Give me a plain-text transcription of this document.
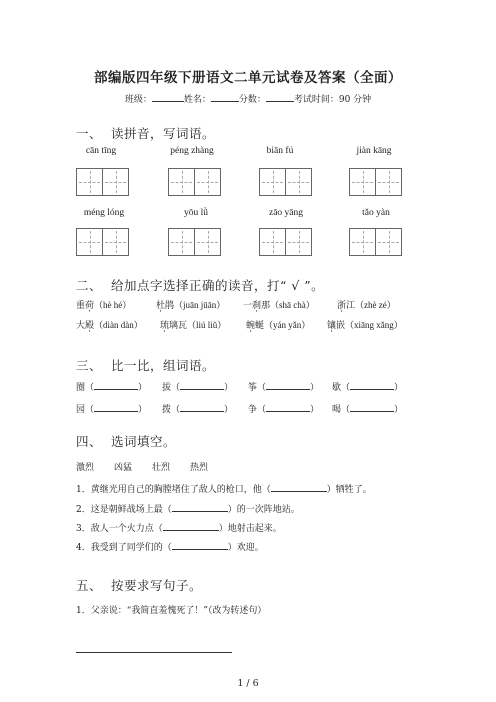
部编版四年级下册语文二单元试卷及答案（全面）
班级：	姓名：	分数：	考试时间：90 分钟
一、 读拼音，写词语。
cān tīng	péng zhàng	biān fú	jiàn kāng
méng lóng	yōu lǜ	zāo yāng	tǎo yàn
二、 给加点字选择正确的读音，打“ √ ”。
重荷（hè hé）	杜鹃（juān jūān） 一刹那（shā chà） 浙江（zhè zé）
大殿（diàn dàn） 琉璃瓦（liú liǔ） 蜿蜒（yán yǎn） 镶嵌（xiāng xǎng）
三、 比一比，组词语。
圈（	） 拔（	） 筝（	） 歇（	）
园（	） 拨（	） 争（	） 喝（	）
四、 选词填空。
激烈 凶猛 壮烈 热烈
1．黄继光用自己的胸膛堵住了敌人的枪口，他（	）牺牲了。
2．这是朝鲜战场上最（	）的一次阵地站。
3．敌人一个火力点（	）地射击起来。
4．我受到了同学们的（	）欢迎。
五、 按要求写句子。
1．父亲说：“我简直羞愧死了！”（改为转述句）
1 / 6
